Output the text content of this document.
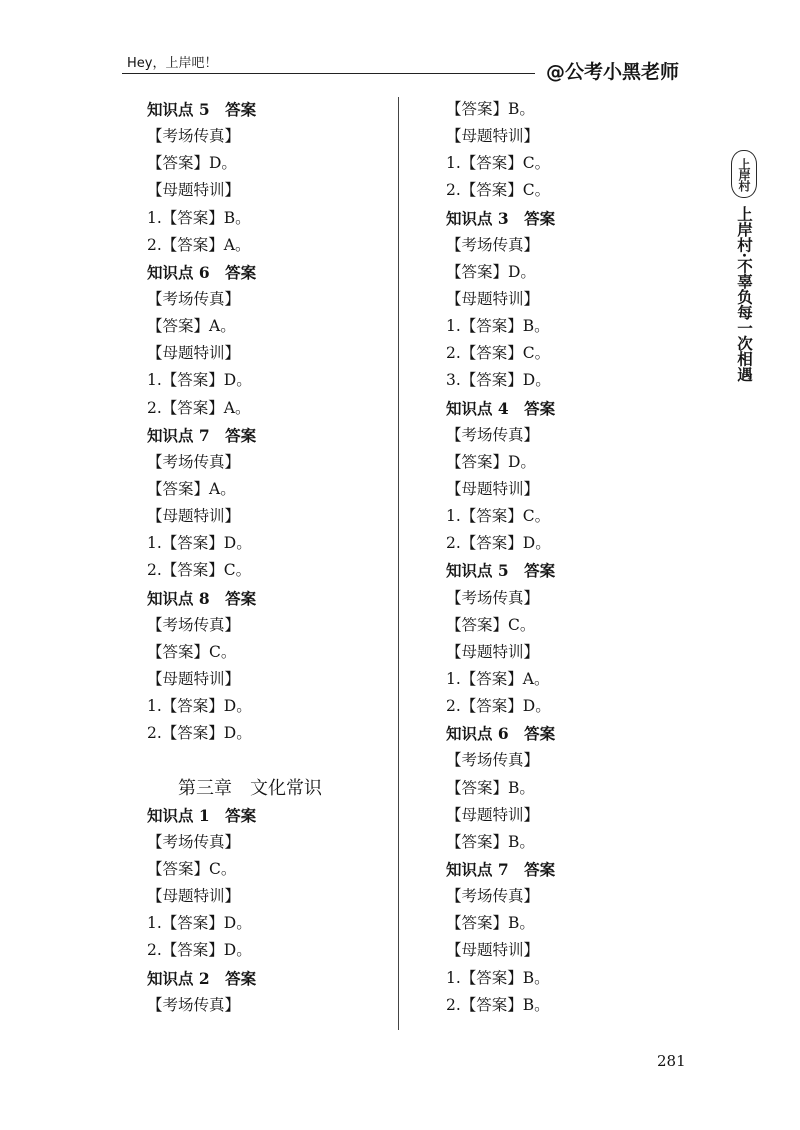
Hey，上岸吧！	@公考小黑老师
知识点 5　答案
【考场传真】
【答案】D。
【母题特训】
1.【答案】B。
2.【答案】A。
知识点 6　答案
【考场传真】
【答案】A。
【母题特训】
1.【答案】D。
2.【答案】A。
知识点 7　答案
【考场传真】
【答案】A。
【母题特训】
1.【答案】D。
2.【答案】C。
知识点 8　答案
【考场传真】
【答案】C。
【母题特训】
1.【答案】D。
2.【答案】D。
第三章　文化常识
知识点 1　答案
【考场传真】
【答案】C。
【母题特训】
1.【答案】D。
2.【答案】D。
知识点 2　答案
【考场传真】
【答案】B。
【母题特训】
1.【答案】C。
2.【答案】C。
知识点 3　答案
【考场传真】
【答案】D。
【母题特训】
1.【答案】B。
2.【答案】C。
3.【答案】D。
知识点 4　答案
【考场传真】
【答案】D。
【母题特训】
1.【答案】C。
2.【答案】D。
知识点 5　答案
【考场传真】
【答案】C。
【母题特训】
1.【答案】A。
2.【答案】D。
知识点 6　答案
【考场传真】
【答案】B。
【母题特训】
【答案】B。
知识点 7　答案
【考场传真】
【答案】B。
【母题特训】
1.【答案】B。
2.【答案】B。
上岸村
上岸村·不辜负每一次相遇
281
